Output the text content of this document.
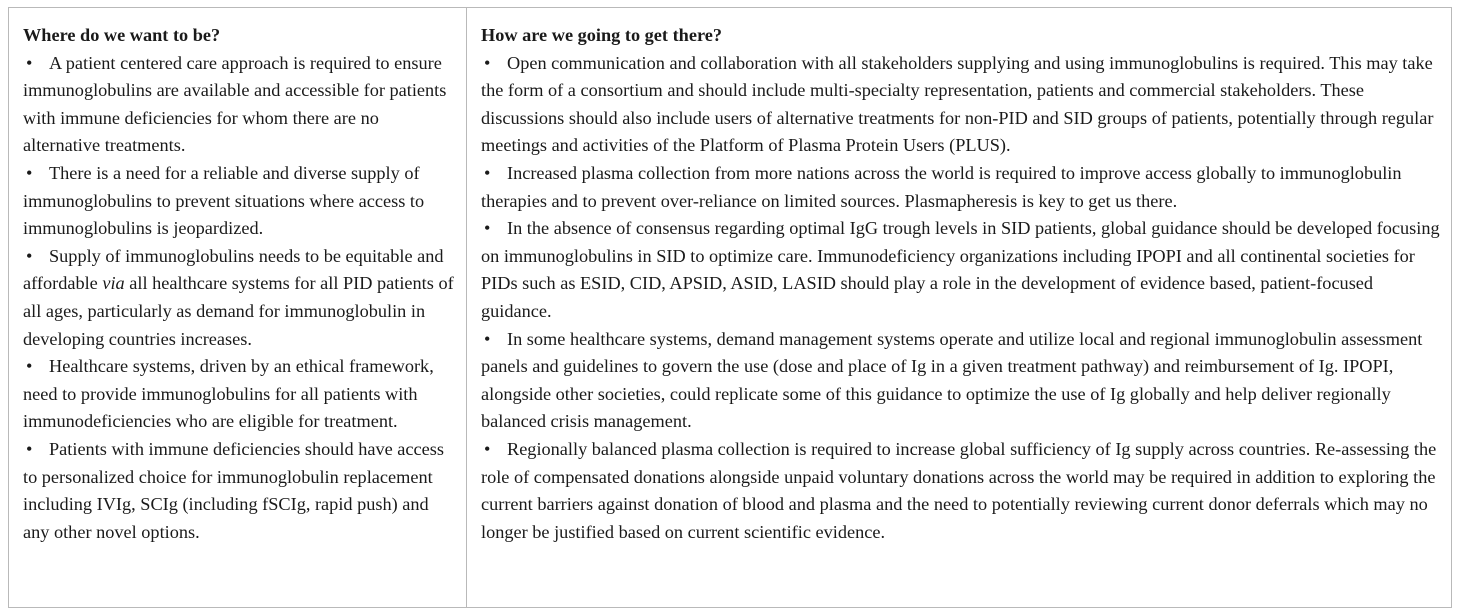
Where do we want to be?

• A patient centered care approach is required to ensure immunoglobulins are available and accessible for patients with immune deficiencies for whom there are no alternative treatments.

• There is a need for a reliable and diverse supply of immunoglobulins to prevent situations where access to immunoglobulins is jeopardized.

• Supply of immunoglobulins needs to be equitable and affordable via all healthcare systems for all PID patients of all ages, particularly as demand for immunoglobulin in developing countries increases.

• Healthcare systems, driven by an ethical framework, need to provide immunoglobulins for all patients with immunodeficiencies who are eligible for treatment.

• Patients with immune deficiencies should have access to personalized choice for immunoglobulin replacement including IVIg, SCIg (including fSCIg, rapid push) and any other novel options.

How are we going to get there?

• Open communication and collaboration with all stakeholders supplying and using immunoglobulins is required. This may take the form of a consortium and should include multi-specialty representation, patients and commercial stakeholders. These discussions should also include users of alternative treatments for non-PID and SID groups of patients, potentially through regular meetings and activities of the Platform of Plasma Protein Users (PLUS).

• Increased plasma collection from more nations across the world is required to improve access globally to immunoglobulin therapies and to prevent over-reliance on limited sources. Plasmapheresis is key to get us there.

• In the absence of consensus regarding optimal IgG trough levels in SID patients, global guidance should be developed focusing on immunoglobulins in SID to optimize care. Immunodeficiency organizations including IPOPI and all continental societies for PIDs such as ESID, CID, APSID, ASID, LASID should play a role in the development of evidence based, patient-focused guidance.

• In some healthcare systems, demand management systems operate and utilize local and regional immunoglobulin assessment panels and guidelines to govern the use (dose and place of Ig in a given treatment pathway) and reimbursement of Ig. IPOPI, alongside other societies, could replicate some of this guidance to optimize the use of Ig globally and help deliver regionally balanced crisis management.

• Regionally balanced plasma collection is required to increase global sufficiency of Ig supply across countries. Re-assessing the role of compensated donations alongside unpaid voluntary donations across the world may be required in addition to exploring the current barriers against donation of blood and plasma and the need to potentially reviewing current donor deferrals which may no longer be justified based on current scientific evidence.
